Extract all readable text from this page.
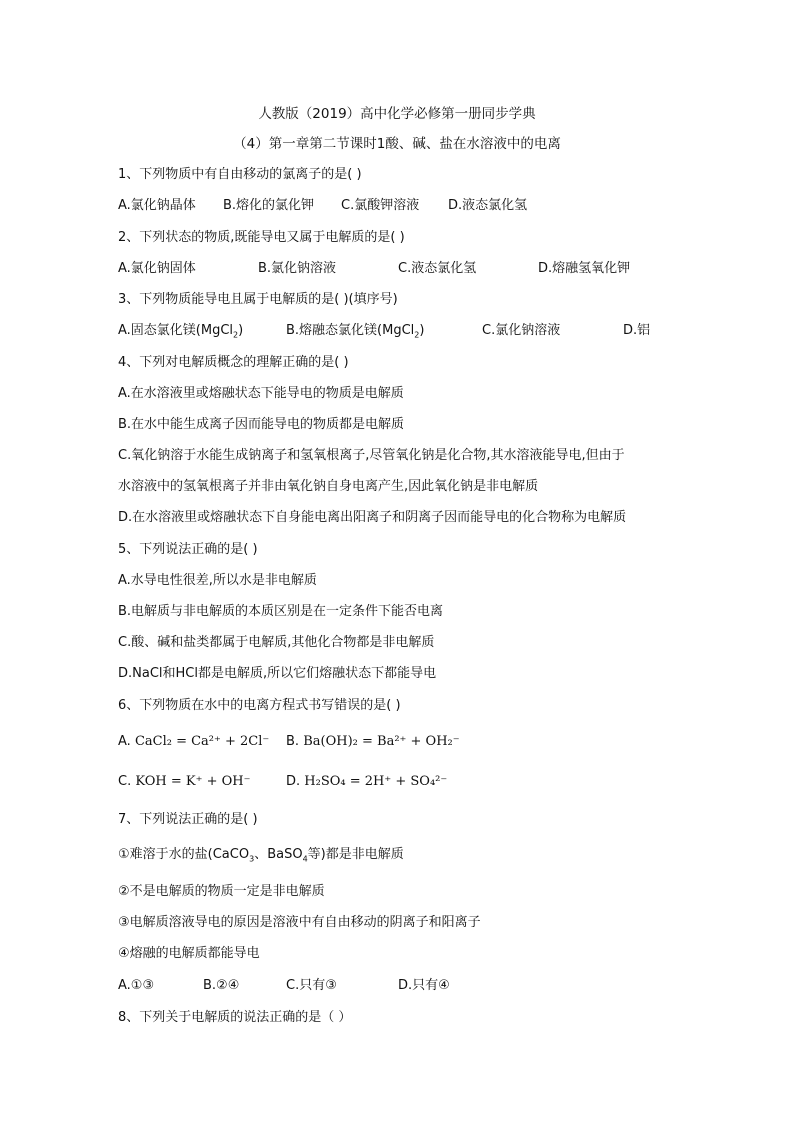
人教版（2019）高中化学必修第一册同步学典
（4）第一章第二节课时1酸、碱、盐在水溶液中的电离
1、下列物质中有自由移动的氯离子的是( )
A.氯化钠晶体 B.熔化的氯化钾 C.氯酸钾溶液 D.液态氯化氢
2、下列状态的物质,既能导电又属于电解质的是( )
A.氯化钠固体	B.氯化钠溶液	C.液态氯化氢	D.熔融氢氧化钾
3、下列物质能导电且属于电解质的是( )(填序号)
A.固态氯化镁(MgCl$_2$)	B.熔融态氯化镁(MgCl$_2$)	C.氯化钠溶液	D.铝
4、下列对电解质概念的理解正确的是( )
A.在水溶液里或熔融状态下能导电的物质是电解质
B.在水中能生成离子因而能导电的物质都是电解质
C.氧化钠溶于水能生成钠离子和氢氧根离子,尽管氧化钠是化合物,其水溶液能导电,但由于
水溶液中的氢氧根离子并非由氧化钠自身电离产生,因此氧化钠是非电解质
D.在水溶液里或熔融状态下自身能电离出阳离子和阴离子因而能导电的化合物称为电解质
5、下列说法正确的是( )
A.水导电性很差,所以水是非电解质
B.电解质与非电解质的本质区别是在一定条件下能否电离
C.酸、碱和盐类都属于电解质,其他化合物都是非电解质
D.NaCl和HCl都是电解质,所以它们熔融状态下都能导电
6、下列物质在水中的电离方程式书写错误的是( )
A. CaCl₂ = Ca²⁺ + 2Cl⁻ B. Ba(OH)₂ = Ba²⁺ + OH₂⁻
C. KOH = K⁺ + OH⁻	D. H₂SO₄ = 2H⁺ + SO₄²⁻
7、下列说法正确的是( )
①难溶于水的盐(CaCO$_3$、BaSO$_4$等)都是非电解质
②不是电解质的物质一定是非电解质
③电解质溶液导电的原因是溶液中有自由移动的阴离子和阳离子
④熔融的电解质都能导电
A.①③	B.②④	C.只有③	D.只有④
8、下列关于电解质的说法正确的是（ ）
